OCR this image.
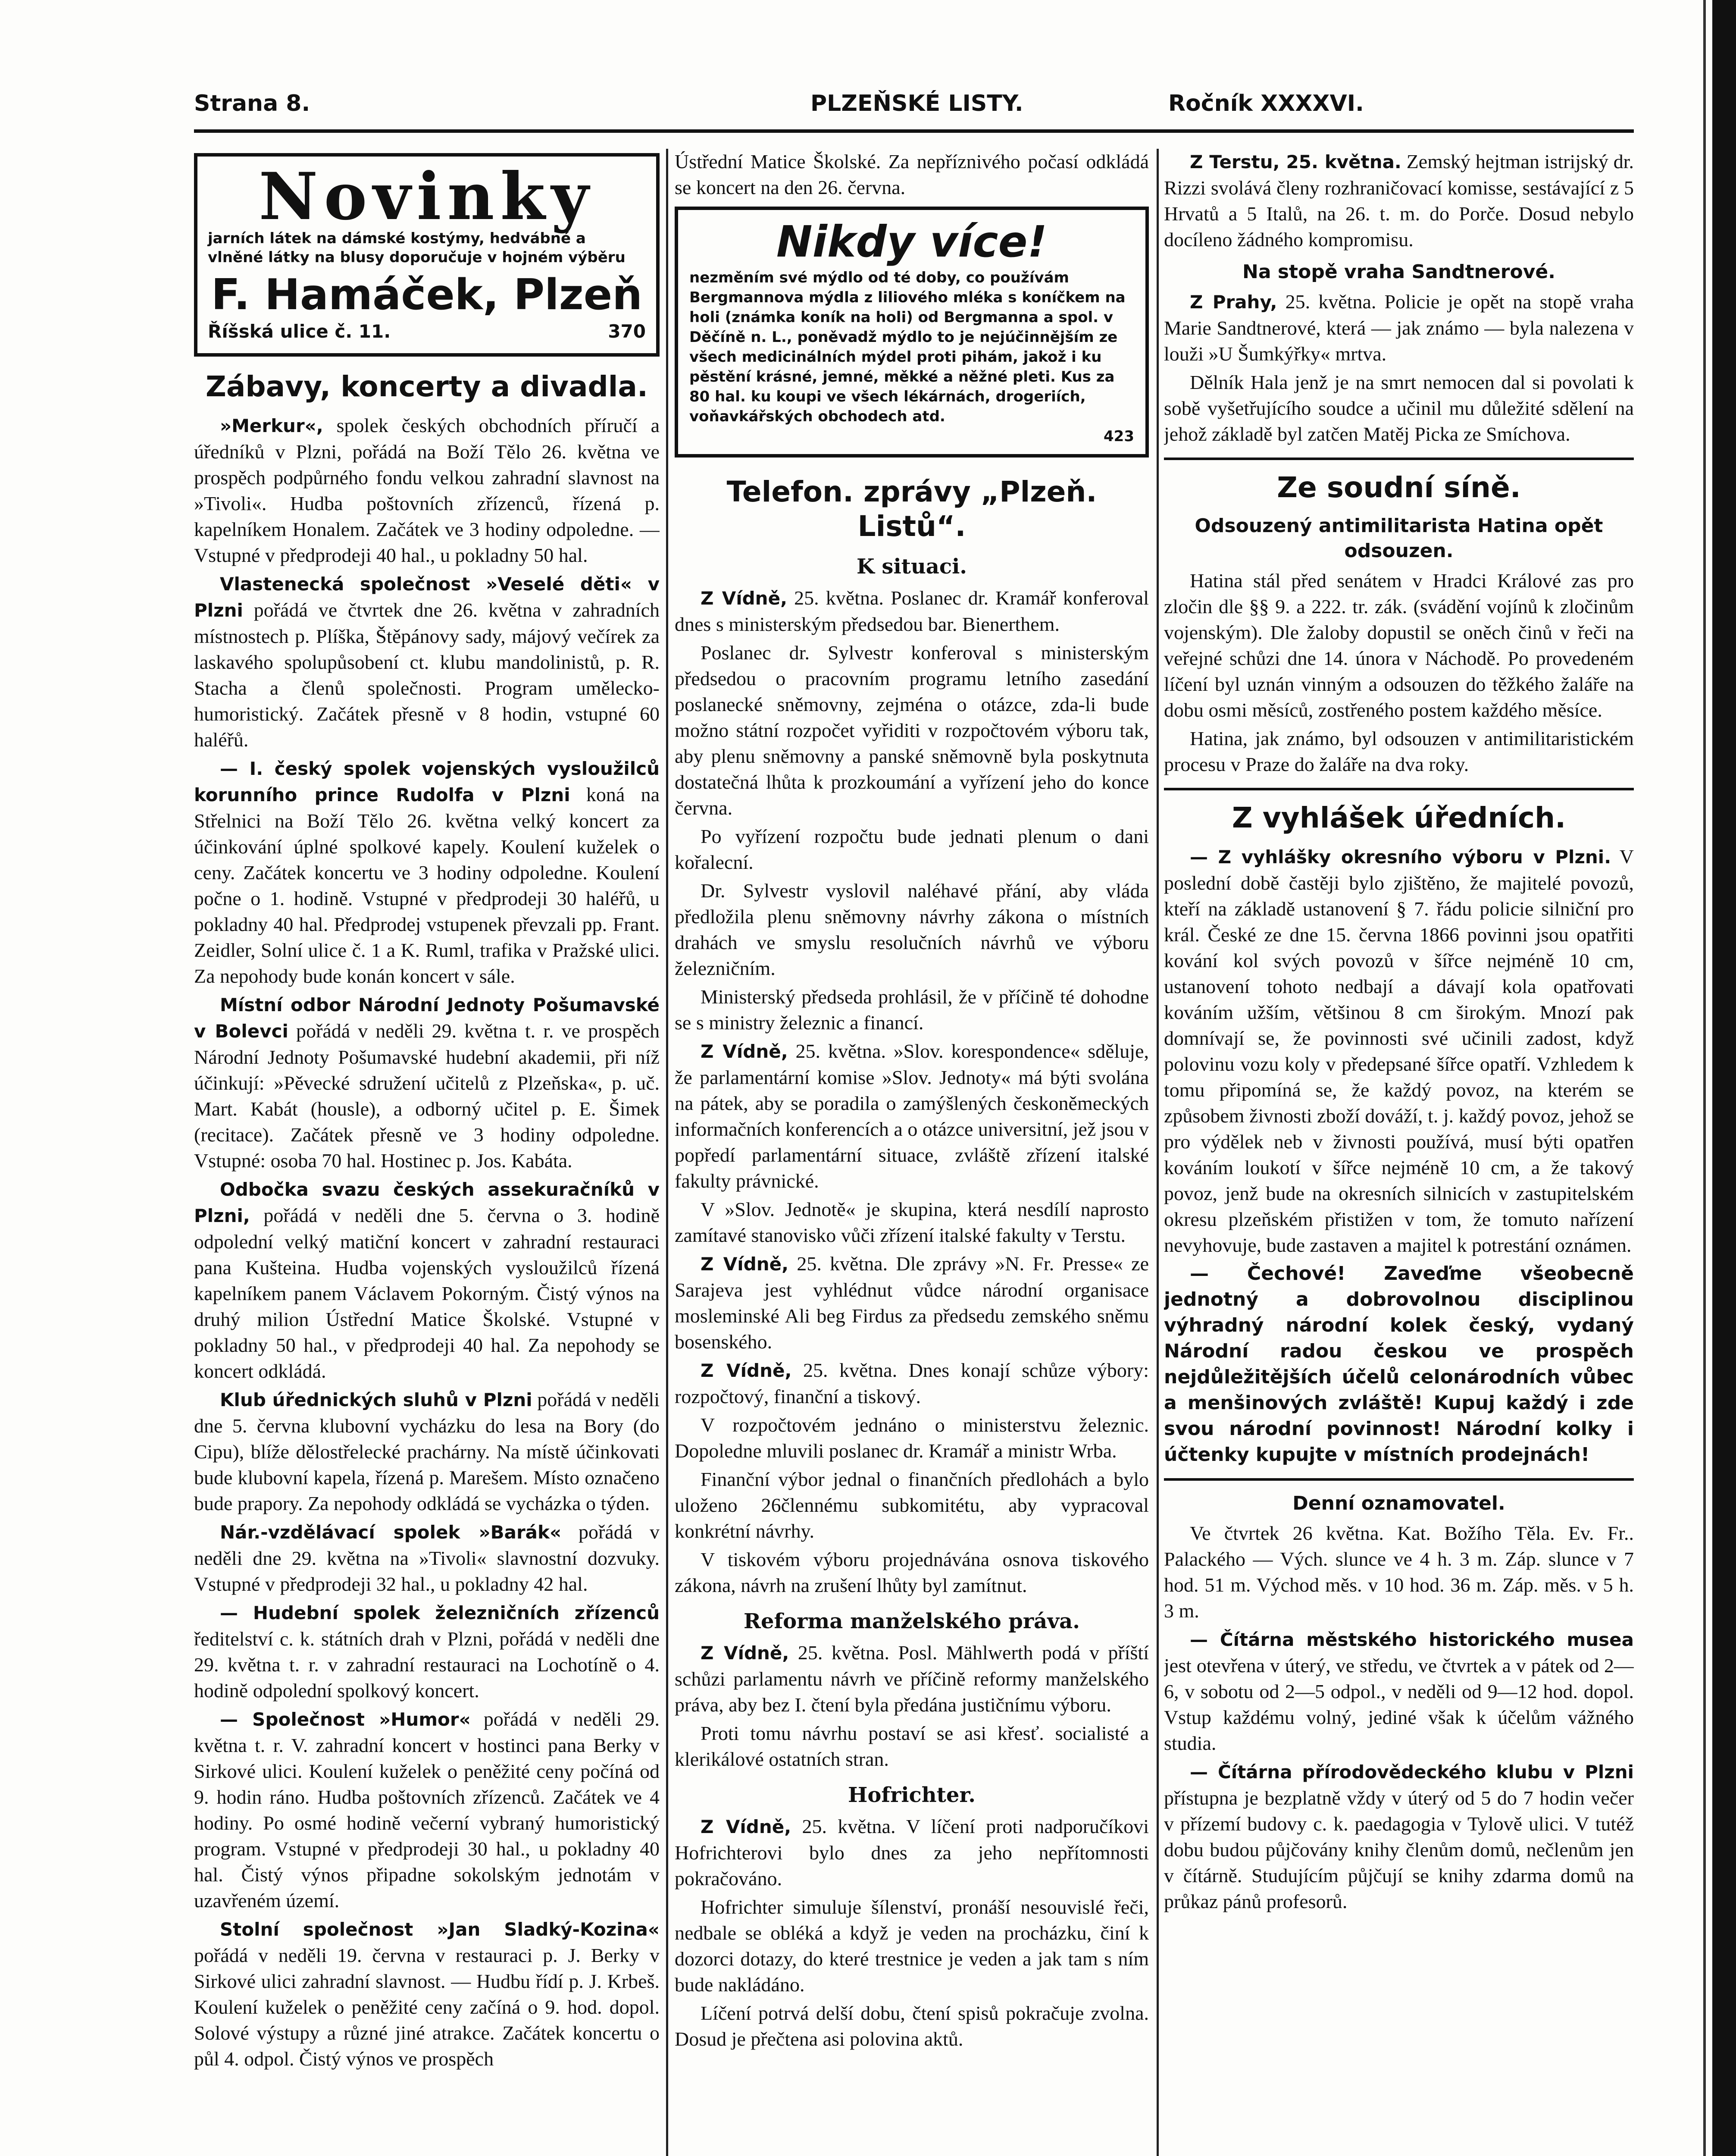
Strana 8.	PLZEŇSKÉ LISTY.	Ročník XXXXVI.
Novinky
jarních látek na dámské kostýmy, hedvábné a vlněné látky na blusy doporučuje v hojném výběru
F. Hamáček, Plzeň
Říšská ulice č. 11.	370
Zábavy, koncerty a divadla.

»Merkur«, spolek českých obchodních příručí a úředníků v Plzni, pořádá na Boží Tělo 26. května ve prospěch podpůrného fondu velkou zahradní slavnost na »Tivoli«. Hudba poštovních zřízenců, řízená p. kapelníkem Honalem. Začátek ve 3 hodiny odpoledne. — Vstupné v předprodeji 40 hal., u pokladny 50 hal.

Vlastenecká společnost »Veselé děti« v Plzni pořádá ve čtvrtek dne 26. května v zahradních místnostech p. Plíška, Štěpánovy sady, májový večírek za laskavého spolupůsobení ct. klubu mandolinistů, p. R. Stacha a členů společnosti. Program umělecko-humoristický. Začátek přesně v 8 hodin, vstupné 60 haléřů.

— I. český spolek vojenských vysloužilců korunního prince Rudolfa v Plzni koná na Střelnici na Boží Tělo 26. května velký koncert za účinkování úplné spolkové kapely. Koulení kuželek o ceny. Začátek koncertu ve 3 hodiny odpoledne. Koulení počne o 1. hodině. Vstupné v předprodeji 30 haléřů, u pokladny 40 hal. Předprodej vstupenek převzali pp. Frant. Zeidler, Solní ulice č. 1 a K. Ruml, trafika v Pražské ulici. Za nepohody bude konán koncert v sále.

Místní odbor Národní Jednoty Pošumavské v Bolevci pořádá v neděli 29. května t. r. ve prospěch Národní Jednoty Pošumavské hudební akademii, při níž účinkují: »Pěvecké sdružení učitelů z Plzeňska«, p. uč. Mart. Kabát (housle), a odborný učitel p. E. Šimek (recitace). Začátek přesně ve 3 hodiny odpoledne. Vstupné: osoba 70 hal. Hostinec p. Jos. Kabáta.

Odbočka svazu českých assekuračníků v Plzni, pořádá v neděli dne 5. června o 3. hodině odpolední velký matiční koncert v zahradní restauraci pana Kušteina. Hudba vojenských vysloužilců řízená kapelníkem panem Václavem Pokorným. Čistý výnos na druhý milion Ústřední Matice Školské. Vstupné v pokladny 50 hal., v předprodeji 40 hal. Za nepohody se koncert odkládá.

Klub úřednických sluhů v Plzni pořádá v neděli dne 5. června klubovní vycházku do lesa na Bory (do Cipu), blíže dělostřelecké prachárny. Na místě účinkovati bude klubovní kapela, řízená p. Marešem. Místo označeno bude prapory. Za nepohody odkládá se vycházka o týden.

Nár.-vzdělávací spolek »Barák« pořádá v neděli dne 29. května na »Tivoli« slavnostní dozvuky. Vstupné v předprodeji 32 hal., u pokladny 42 hal.

— Hudební spolek železničních zřízenců ředitelství c. k. státních drah v Plzni, pořádá v neděli dne 29. května t. r. v zahradní restauraci na Lochotíně o 4. hodině odpolední spolkový koncert.

— Společnost »Humor« pořádá v neděli 29. května t. r. V. zahradní koncert v hostinci pana Berky v Sirkové ulici. Koulení kuželek o peněžité ceny počíná od 9. hodin ráno. Hudba poštovních zřízenců. Začátek ve 4 hodiny. Po osmé hodině večerní vybraný humoristický program. Vstupné v předprodeji 30 hal., u pokladny 40 hal. Čistý výnos připadne sokolským jednotám v uzavřeném území.

Stolní společnost »Jan Sladký-Kozina« pořádá v neděli 19. června v restauraci p. J. Berky v Sirkové ulici zahradní slavnost. — Hudbu řídí p. J. Krbeš. Koulení kuželek o peněžité ceny začíná o 9. hod. dopol. Solové výstupy a různé jiné atrakce. Začátek koncertu o půl 4. odpol. Čistý výnos ve prospěch

Ústřední Matice Školské. Za nepříznivého počasí odkládá se koncert na den 26. června.

Nikdy více!
nezměním své mýdlo od té doby, co používám Bergmannova mýdla z liliového mléka s koníčkem na holi (známka koník na holi) od Bergmanna a spol. v Děčíně n. L., poněvadž mýdlo to je nejúčinnějším ze všech medicinálních mýdel proti pihám, jakož i ku pěstění krásné, jemné, měkké a něžné pleti. Kus za 80 hal. ku koupi ve všech lékárnách, drogeriích, voňavkářských obchodech atd.
423
Telefon. zprávy „Plzeň. Listů“.
K situaci.

Z Vídně, 25. května. Poslanec dr. Kramář konferoval dnes s ministerským předsedou bar. Bienerthem.

Poslanec dr. Sylvestr konferoval s ministerským předsedou o pracovním programu letního zasedání poslanecké sněmovny, zejména o otázce, zda-li bude možno státní rozpočet vyřiditi v rozpočtovém výboru tak, aby plenu sněmovny a panské sněmovně byla poskytnuta dostatečná lhůta k prozkoumání a vyřízení jeho do konce června.

Po vyřízení rozpočtu bude jednati plenum o dani kořalecní.

Dr. Sylvestr vyslovil naléhavé přání, aby vláda předložila plenu sněmovny návrhy zákona o místních drahách ve smyslu resolučních návrhů ve výboru železničním.

Ministerský předseda prohlásil, že v příčině té dohodne se s ministry železnic a financí.

Z Vídně, 25. května. »Slov. korespondence« sděluje, že parlamentární komise »Slov. Jednoty« má býti svolána na pátek, aby se poradila o zamýšlených českoněmeckých informačních konferencích a o otázce universitní, jež jsou v popředí parlamentární situace, zvláště zřízení italské fakulty právnické.

V »Slov. Jednotě« je skupina, která nesdílí naprosto zamítavé stanovisko vůči zřízení italské fakulty v Terstu.

Z Vídně, 25. května. Dle zprávy »N. Fr. Presse« ze Sarajeva jest vyhlédnut vůdce národní organisace mosleminské Ali beg Firdus za předsedu zemského sněmu bosenského.

Z Vídně, 25. května. Dnes konají schůze výbory: rozpočtový, finanční a tiskový.

V rozpočtovém jednáno o ministerstvu železnic. Dopoledne mluvili poslanec dr. Kramář a ministr Wrba.

Finanční výbor jednal o finančních předlohách a bylo uloženo 26člennému subkomitétu, aby vypracoval konkrétní návrhy.

V tiskovém výboru projednávána osnova tiskového zákona, návrh na zrušení lhůty byl zamítnut.

Reforma manželského práva.

Z Vídně, 25. května. Posl. Mählwerth podá v příští schůzi parlamentu návrh ve příčině reformy manželského práva, aby bez I. čtení byla předána justičnímu výboru.

Proti tomu návrhu postaví se asi křesť. socialisté a klerikálové ostatních stran.

Hofrichter.

Z Vídně, 25. května. V líčení proti nadporučíkovi Hofrichterovi bylo dnes za jeho nepřítomnosti pokračováno.

Hofrichter simuluje šílenství, pronáší nesouvislé řeči, nedbale se obléká a když je veden na procházku, činí k dozorci dotazy, do které trestnice je veden a jak tam s ním bude nakládáno.

Líčení potrvá delší dobu, čtení spisů pokračuje zvolna. Dosud je přečtena asi polovina aktů.

Z Terstu, 25. května. Zemský hejtman istrijský dr. Rizzi svolává členy rozhraničovací komisse, sestávající z 5 Hrvatů a 5 Italů, na 26. t. m. do Porče. Dosud nebylo docíleno žádného kompromisu.

Na stopě vraha Sandtnerové.

Z Prahy, 25. května. Policie je opět na stopě vraha Marie Sandtnerové, která — jak známo — byla nalezena v louži »U Šumkýřky« mrtva.

Dělník Hala jenž je na smrt nemocen dal si povolati k sobě vyšetřujícího soudce a učinil mu důležité sdělení na jehož základě byl zatčen Matěj Picka ze Smíchova.

Ze soudní síně.
Odsouzený antimilitarista Hatina opět odsouzen.

Hatina stál před senátem v Hradci Králové zas pro zločin dle §§ 9. a 222. tr. zák. (svádění vojínů k zločinům vojenským). Dle žaloby dopustil se oněch činů v řeči na veřejné schůzi dne 14. února v Náchodě. Po provedeném líčení byl uznán vinným a odsouzen do těžkého žaláře na dobu osmi měsíců, zostřeného postem každého měsíce.

Hatina, jak známo, byl odsouzen v antimilitaristickém procesu v Praze do žaláře na dva roky.

Z vyhlášek úředních.

— Z vyhlášky okresního výboru v Plzni. V poslední době častěji bylo zjištěno, že majitelé povozů, kteří na základě ustanovení § 7. řádu policie silniční pro král. České ze dne 15. června 1866 povinni jsou opatřiti kování kol svých povozů v šířce nejméně 10 cm, ustanovení tohoto nedbají a dávají kola opatřovati kováním užším, většinou 8 cm širokým. Mnozí pak domnívají se, že povinnosti své učinili zadost, když polovinu vozu koly v předepsané šířce opatří. Vzhledem k tomu připomíná se, že každý povoz, na kterém se způsobem živnosti zboží dováží, t. j. každý povoz, jehož se pro výdělek neb v živnosti používá, musí býti opatřen kováním loukotí v šířce nejméně 10 cm, a že takový povoz, jenž bude na okresních silnicích v zastupitelském okresu plzeňském přistižen v tom, že tomuto nařízení nevyhovuje, bude zastaven a majitel k potrestání oznámen.

— Čechové! Zaveďme všeobecně jednotný a dobrovolnou disciplinou výhradný národní kolek český, vydaný Národní radou českou ve prospěch nejdůležitějších účelů celonárodních vůbec a menšinových zvláště! Kupuj každý i zde svou národní povinnost! Národní kolky i účtenky kupujte v místních prodejnách!

Denní oznamovatel.

Ve čtvrtek 26 května. Kat. Božího Těla. Ev. Fr.. Palackého — Vých. slunce ve 4 h. 3 m. Záp. slunce v 7 hod. 51 m. Východ měs. v 10 hod. 36 m. Záp. měs. v 5 h. 3 m.

— Čítárna městského historického musea jest otevřena v úterý, ve středu, ve čtvrtek a v pátek od 2—6, v sobotu od 2—5 odpol., v neděli od 9—12 hod. dopol. Vstup každému volný, jediné však k účelům vážného studia.

— Čítárna přírodovědeckého klubu v Plzni přístupna je bezplatně vždy v úterý od 5 do 7 hodin večer v přízemí budovy c. k. paedagogia v Tylově ulici. V tutéž dobu budou půjčovány knihy členům domů, nečlenům jen v čítárně. Studujícím půjčují se knihy zdarma domů na průkaz pánů profesorů.
